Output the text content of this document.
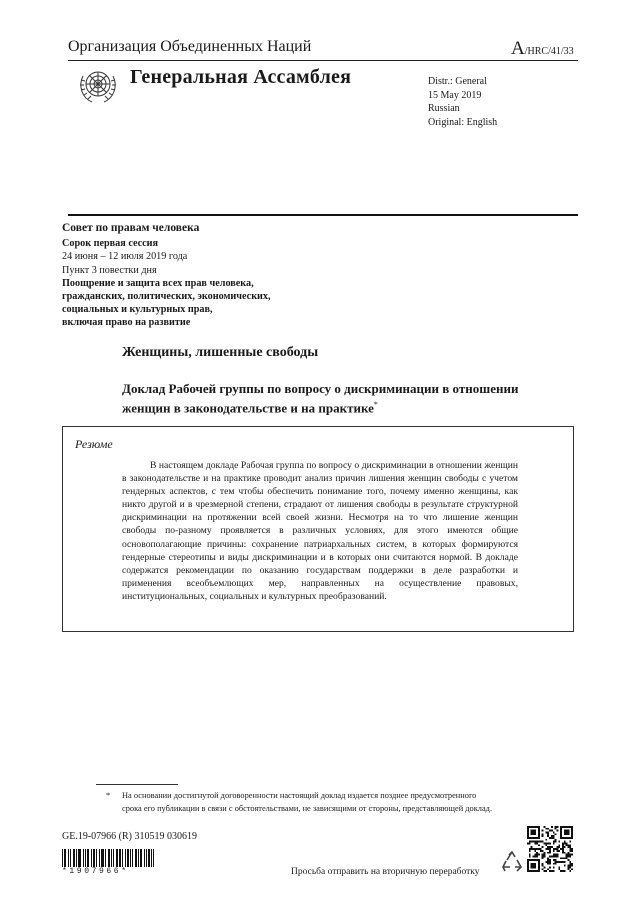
Организация Объединенных Наций	A/HRC/41/33
Генеральная Ассамблея	Distr.: General
15 May 2019
Russian
Original: English
Совет по правам человека
Сорок первая сессия
24 июня – 12 июля 2019 года
Пункт 3 повестки дня
Поощрение и защита всех прав человека,
гражданских, политических, экономических,
социальных и культурных прав,
включая право на развитие
Женщины, лишенные свободы
Доклад Рабочей группы по вопросу о дискриминации в отношении женщин в законодательстве и на практике*
Резюме
В настоящем докладе Рабочая группа по вопросу о дискриминации в отношении женщин в законодательстве и на практике проводит анализ причин лишения женщин свободы с учетом гендерных аспектов, с тем чтобы обеспечить понимание того, почему именно женщины, как никто другой и в чрезмерной степени, страдают от лишения свободы в результате структурной дискриминации на протяжении всей своей жизни. Несмотря на то что лишение женщин свободы по-разному проявляется в различных условиях, для этого имеются общие основополагающие причины: сохранение патриархальных систем, в которых формируются гендерные стереотипы и виды дискриминации и в которых они считаются нормой. В докладе содержатся рекомендации по оказанию государствам поддержки в деле разработки и применения всеобъемлющих мер, направленных на осуществление правовых, институциональных, социальных и культурных преобразований.
*	На основании достигнутой договоренности настоящий доклад издается позднее предусмотренного срока его публикации в связи с обстоятельствами, не зависящими от стороны, представляющей доклад.
GE.19-07966 (R) 310519 030619
*1907966*	Просьба отправить на вторичную переработку
